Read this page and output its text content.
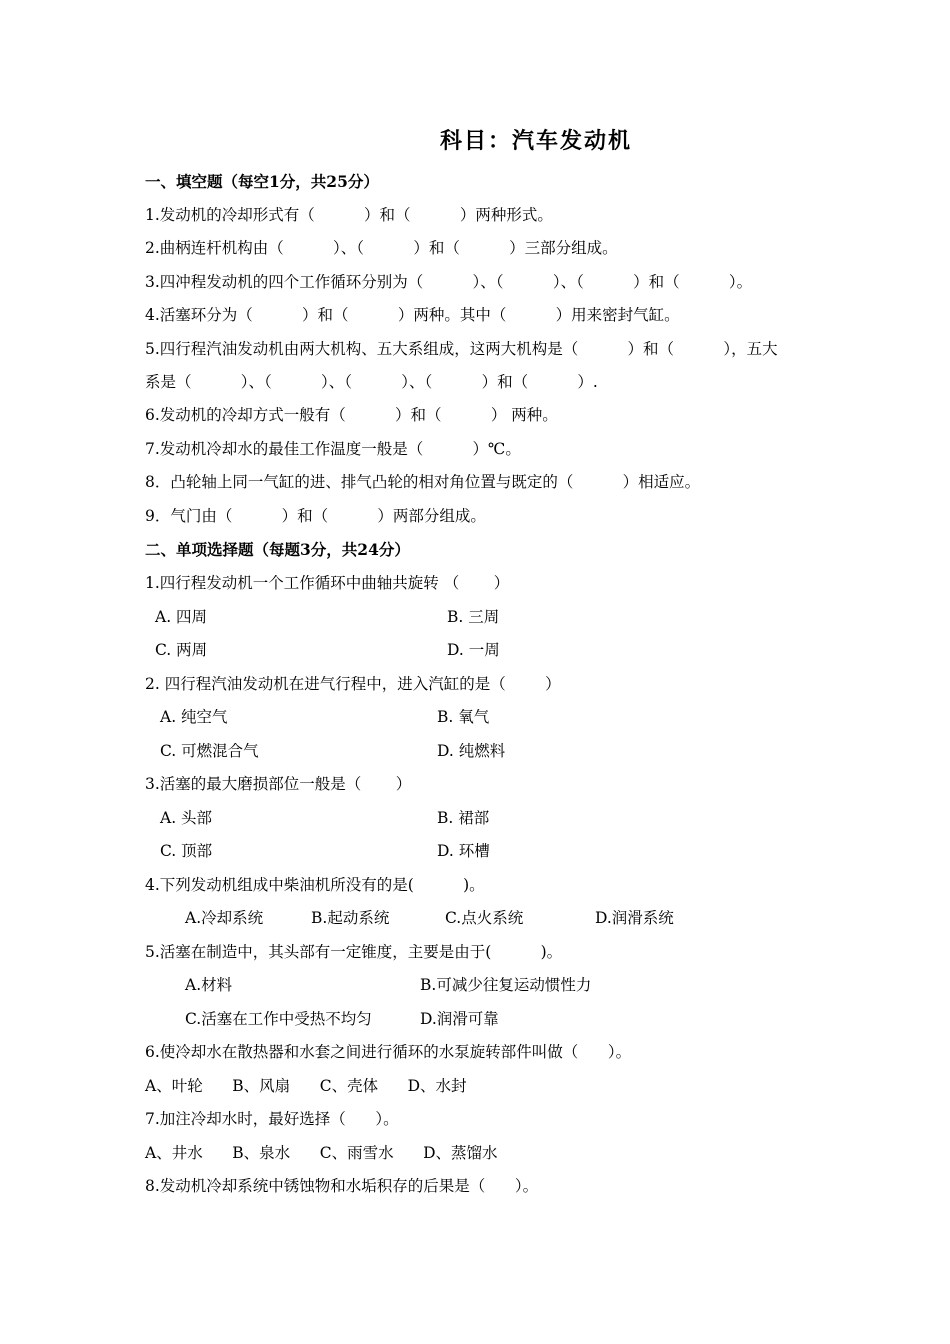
科目：汽车发动机
一、填空题（每空1分，共25分）
1.发动机的冷却形式有（          ）和（          ）两种形式。
2.曲柄连杆机构由（          ）、（          ）和（          ）三部分组成。
3.四冲程发动机的四个工作循环分别为（          ）、（          ）、（          ）和（          ）。
4.活塞环分为（          ）和（          ）两种。其中（          ）用来密封气缸。
5.四行程汽油发动机由两大机构、五大系组成，这两大机构是（          ）和（          ），五大
系是（          ）、（          ）、（          ）、（          ）和（          ）.
6.发动机的冷却方式一般有（          ）和（          ） 两种。
7.发动机冷却水的最佳工作温度一般是（          ）℃。
8．凸轮轴上同一气缸的进、排气凸轮的相对角位置与既定的（          ）相适应。
9．气门由（          ）和（          ）两部分组成。
二、单项选择题（每题3分，共24分）
1.四行程发动机一个工作循环中曲轴共旋转 （       ）
A. 四周	B. 三周
C. 两周	D. 一周
2. 四行程汽油发动机在进气行程中，进入汽缸的是（        ）
A. 纯空气	B. 氧气
C. 可燃混合气	D. 纯燃料
3.活塞的最大磨损部位一般是（       ）
A. 头部	B. 裙部
C. 顶部	D. 环槽
4.下列发动机组成中柴油机所没有的是(          )。
A.冷却系统	B.起动系统	C.点火系统	D.润滑系统
5.活塞在制造中，其头部有一定锥度，主要是由于(          )。
A.材料	B.可减少往复运动惯性力
C.活塞在工作中受热不均匀	D.润滑可靠
6.使冷却水在散热器和水套之间进行循环的水泵旋转部件叫做（      ）。
A、叶轮      B、风扇      C、壳体      D、水封
7.加注冷却水时，最好选择（      ）。
A、井水      B、泉水      C、雨雪水      D、蒸馏水
8.发动机冷却系统中锈蚀物和水垢积存的后果是（      ）。
